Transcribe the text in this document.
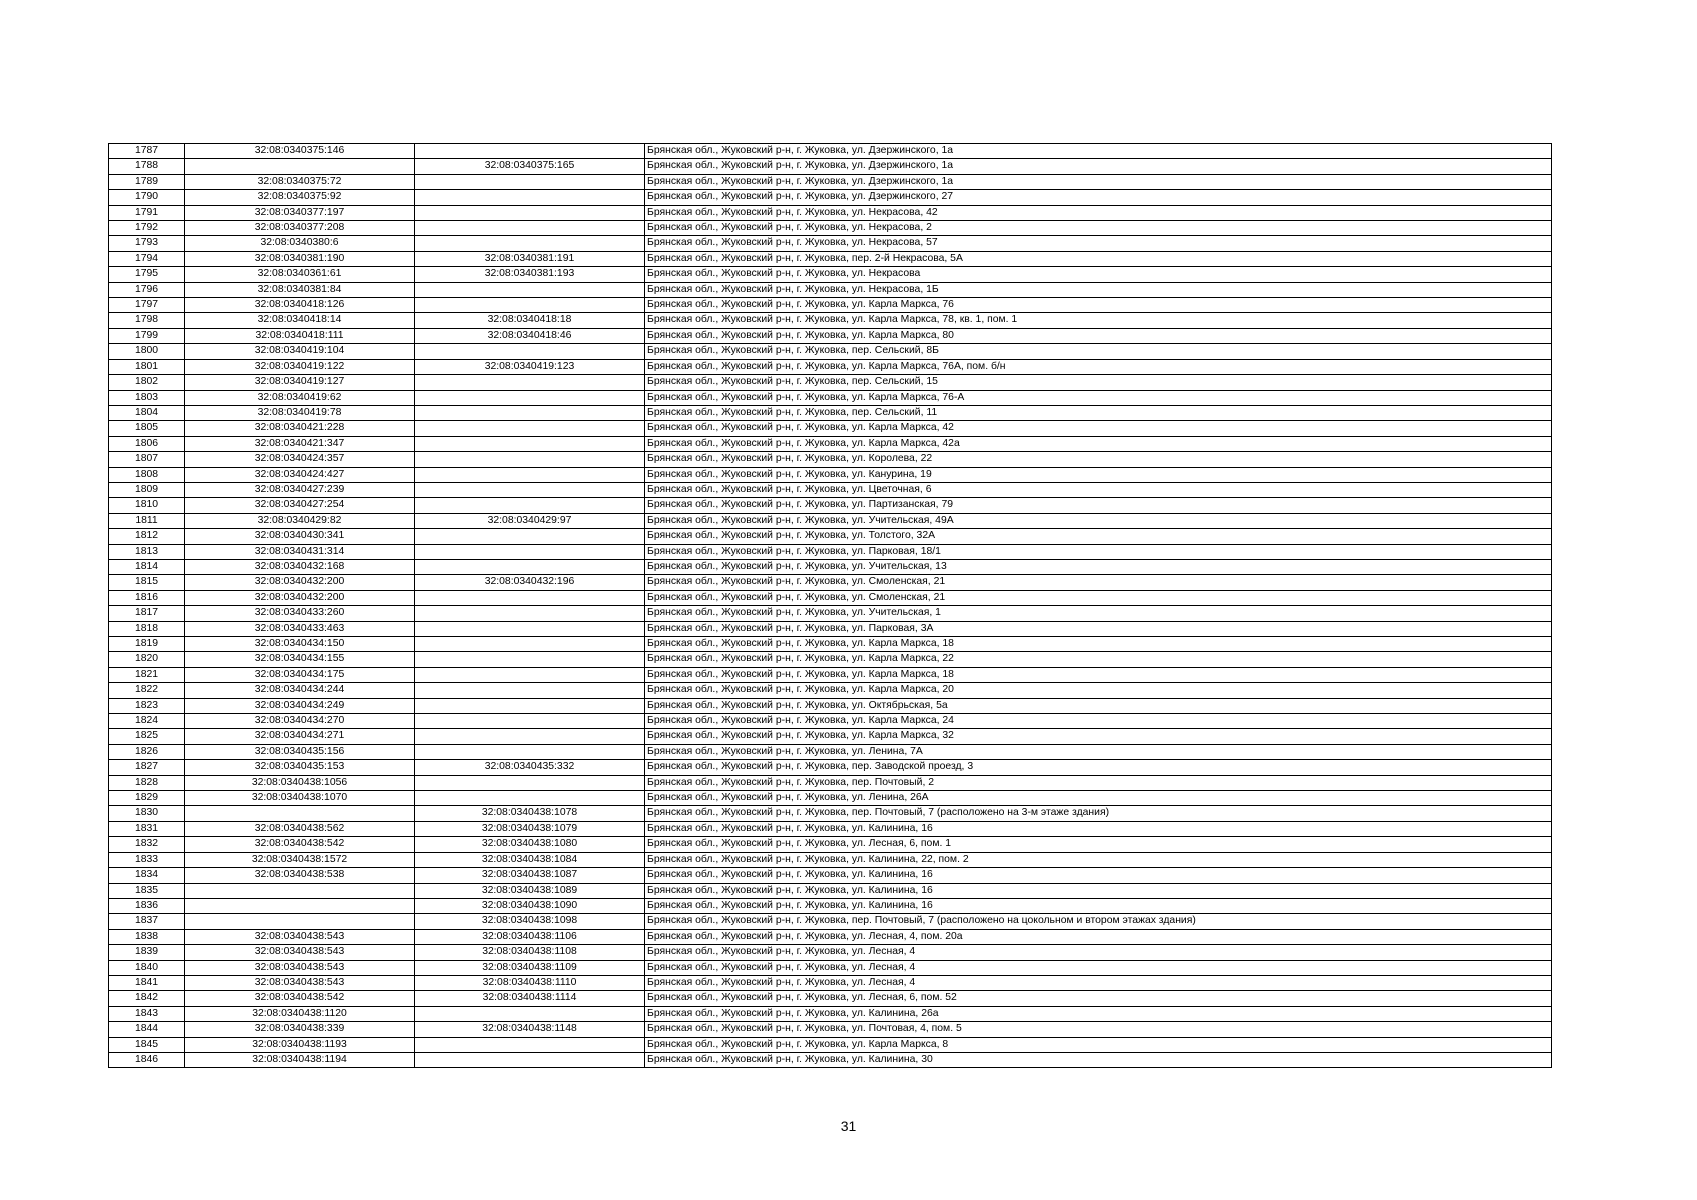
1787	32:08:0340375:146		Брянская обл., Жуковский р-н, г. Жуковка, ул. Дзержинского, 1а
1788		32:08:0340375:165	Брянская обл., Жуковский р-н, г. Жуковка, ул. Дзержинского, 1а
1789	32:08:0340375:72		Брянская обл., Жуковский р-н, г. Жуковка, ул. Дзержинского, 1а
1790	32:08:0340375:92		Брянская обл., Жуковский р-н, г. Жуковка, ул. Дзержинского, 27
1791	32:08:0340377:197		Брянская обл., Жуковский р-н, г. Жуковка, ул. Некрасова, 42
1792	32:08:0340377:208		Брянская обл., Жуковский р-н, г. Жуковка, ул. Некрасова, 2
1793	32:08:0340380:6		Брянская обл., Жуковский р-н, г. Жуковка, ул. Некрасова, 57
1794	32:08:0340381:190	32:08:0340381:191	Брянская обл., Жуковский р-н, г. Жуковка, пер. 2-й Некрасова, 5А
1795	32:08:0340361:61	32:08:0340381:193	Брянская обл., Жуковский р-н, г. Жуковка, ул. Некрасова
1796	32:08:0340381:84		Брянская обл., Жуковский р-н, г. Жуковка, ул. Некрасова, 1Б
1797	32:08:0340418:126		Брянская обл., Жуковский р-н, г. Жуковка, ул. Карла Маркса, 76
1798	32:08:0340418:14	32:08:0340418:18	Брянская обл., Жуковский р-н, г. Жуковка, ул. Карла Маркса, 78, кв. 1, пом. 1
1799	32:08:0340418:111	32:08:0340418:46	Брянская обл., Жуковский р-н, г. Жуковка, ул. Карла Маркса, 80
1800	32:08:0340419:104		Брянская обл., Жуковский р-н, г. Жуковка, пер. Сельский, 8Б
1801	32:08:0340419:122	32:08:0340419:123	Брянская обл., Жуковский р-н, г. Жуковка, ул. Карла Маркса, 76А, пом. б/н
1802	32:08:0340419:127		Брянская обл., Жуковский р-н, г. Жуковка, пер. Сельский, 15
1803	32:08:0340419:62		Брянская обл., Жуковский р-н, г. Жуковка, ул. Карла Маркса, 76-А
1804	32:08:0340419:78		Брянская обл., Жуковский р-н, г. Жуковка, пер. Сельский, 11
1805	32:08:0340421:228		Брянская обл., Жуковский р-н, г. Жуковка, ул. Карла Маркса, 42
1806	32:08:0340421:347		Брянская обл., Жуковский р-н, г. Жуковка, ул. Карла Маркса, 42а
1807	32:08:0340424:357		Брянская обл., Жуковский р-н, г. Жуковка, ул. Королева, 22
1808	32:08:0340424:427		Брянская обл., Жуковский р-н, г. Жуковка, ул. Канурина, 19
1809	32:08:0340427:239		Брянская обл., Жуковский р-н, г. Жуковка, ул. Цветочная, 6
1810	32:08:0340427:254		Брянская обл., Жуковский р-н, г. Жуковка, ул. Партизанская, 79
1811	32:08:0340429:82	32:08:0340429:97	Брянская обл., Жуковский р-н, г. Жуковка, ул. Учительская, 49А
1812	32:08:0340430:341		Брянская обл., Жуковский р-н, г. Жуковка, ул. Толстого, 32А
1813	32:08:0340431:314		Брянская обл., Жуковский р-н, г. Жуковка, ул. Парковая, 18/1
1814	32:08:0340432:168		Брянская обл., Жуковский р-н, г. Жуковка, ул. Учительская, 13
1815	32:08:0340432:200	32:08:0340432:196	Брянская обл., Жуковский р-н, г. Жуковка, ул. Смоленская, 21
1816	32:08:0340432:200		Брянская обл., Жуковский р-н, г. Жуковка, ул. Смоленская, 21
1817	32:08:0340433:260		Брянская обл., Жуковский р-н, г. Жуковка, ул. Учительская, 1
1818	32:08:0340433:463		Брянская обл., Жуковский р-н, г. Жуковка, ул. Парковая, 3А
1819	32:08:0340434:150		Брянская обл., Жуковский р-н, г. Жуковка, ул. Карла Маркса, 18
1820	32:08:0340434:155		Брянская обл., Жуковский р-н, г. Жуковка, ул. Карла Маркса, 22
1821	32:08:0340434:175		Брянская обл., Жуковский р-н, г. Жуковка, ул. Карла Маркса, 18
1822	32:08:0340434:244		Брянская обл., Жуковский р-н, г. Жуковка, ул. Карла Маркса, 20
1823	32:08:0340434:249		Брянская обл., Жуковский р-н, г. Жуковка, ул. Октябрьская, 5а
1824	32:08:0340434:270		Брянская обл., Жуковский р-н, г. Жуковка, ул. Карла Маркса, 24
1825	32:08:0340434:271		Брянская обл., Жуковский р-н, г. Жуковка, ул. Карла Маркса, 32
1826	32:08:0340435:156		Брянская обл., Жуковский р-н, г. Жуковка, ул. Ленина, 7А
1827	32:08:0340435:153	32:08:0340435:332	Брянская обл., Жуковский р-н, г. Жуковка, пер. Заводской проезд, 3
1828	32:08:0340438:1056		Брянская обл., Жуковский р-н, г. Жуковка, пер. Почтовый, 2
1829	32:08:0340438:1070		Брянская обл., Жуковский р-н, г. Жуковка, ул. Ленина, 26А
1830		32:08:0340438:1078	Брянская обл., Жуковский р-н, г. Жуковка, пер. Почтовый, 7 (расположено на 3-м этаже здания)
1831	32:08:0340438:562	32:08:0340438:1079	Брянская обл., Жуковский р-н, г. Жуковка, ул. Калинина, 16
1832	32:08:0340438:542	32:08:0340438:1080	Брянская обл., Жуковский р-н, г. Жуковка, ул. Лесная, 6, пом. 1
1833	32:08:0340438:1572	32:08:0340438:1084	Брянская обл., Жуковский р-н, г. Жуковка, ул. Калинина, 22, пом. 2
1834	32:08:0340438:538	32:08:0340438:1087	Брянская обл., Жуковский р-н, г. Жуковка, ул. Калинина, 16
1835		32:08:0340438:1089	Брянская обл., Жуковский р-н, г. Жуковка, ул. Калинина, 16
1836		32:08:0340438:1090	Брянская обл., Жуковский р-н, г. Жуковка, ул. Калинина, 16
1837		32:08:0340438:1098	Брянская обл., Жуковский р-н, г. Жуковка, пер. Почтовый, 7 (расположено на цокольном и втором этажах здания)
1838	32:08:0340438:543	32:08:0340438:1106	Брянская обл., Жуковский р-н, г. Жуковка, ул. Лесная, 4, пом. 20а
1839	32:08:0340438:543	32:08:0340438:1108	Брянская обл., Жуковский р-н, г. Жуковка, ул. Лесная, 4
1840	32:08:0340438:543	32:08:0340438:1109	Брянская обл., Жуковский р-н, г. Жуковка, ул. Лесная, 4
1841	32:08:0340438:543	32:08:0340438:1110	Брянская обл., Жуковский р-н, г. Жуковка, ул. Лесная, 4
1842	32:08:0340438:542	32:08:0340438:1114	Брянская обл., Жуковский р-н, г. Жуковка, ул. Лесная, 6, пом. 52
1843	32:08:0340438:1120		Брянская обл., Жуковский р-н, г. Жуковка, ул. Калинина, 26а
1844	32:08:0340438:339	32:08:0340438:1148	Брянская обл., Жуковский р-н, г. Жуковка, ул. Почтовая, 4, пом. 5
1845	32:08:0340438:1193		Брянская обл., Жуковский р-н, г. Жуковка, ул. Карла Маркса, 8
1846	32:08:0340438:1194		Брянская обл., Жуковский р-н, г. Жуковка, ул. Калинина, 30
31
